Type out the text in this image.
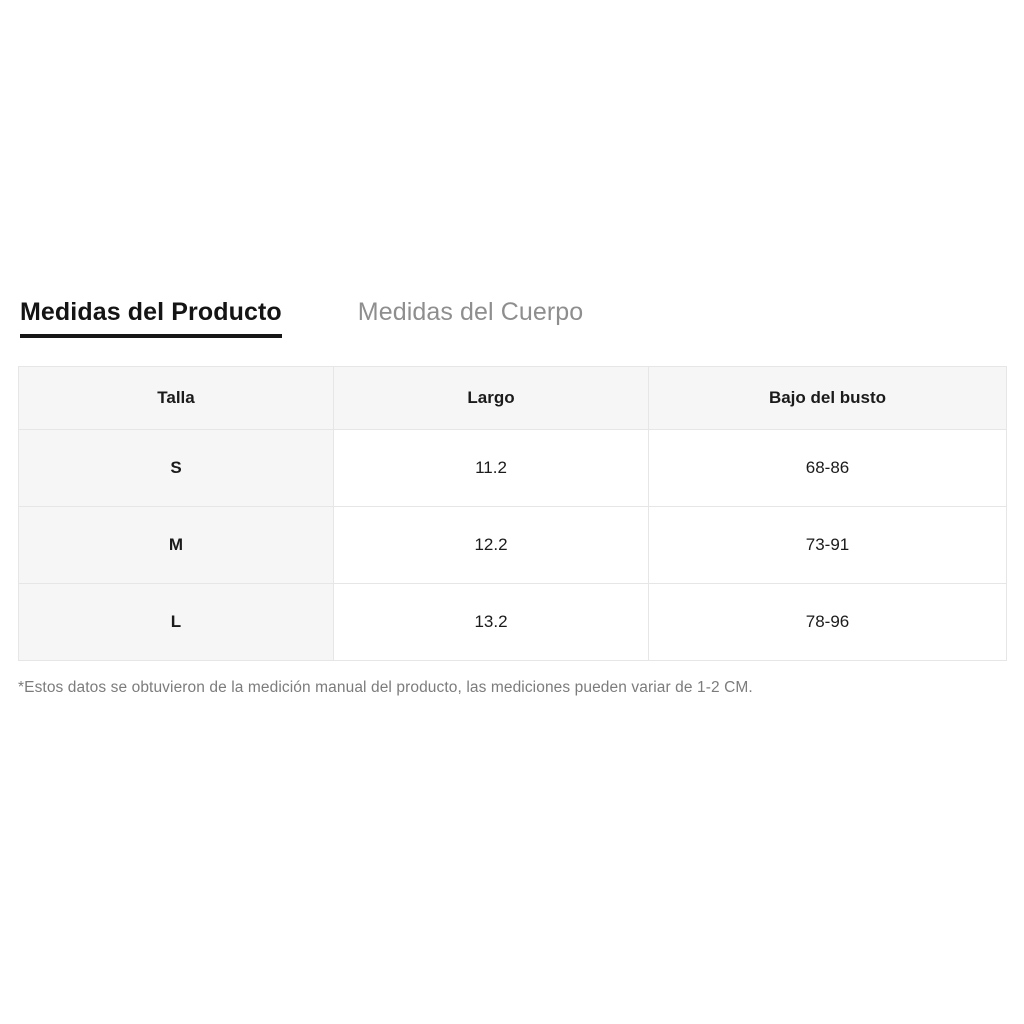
Medidas del Producto	Medidas del Cuerpo
Talla	Largo	Bajo del busto
S	11.2	68-86
M	12.2	73-91
L	13.2	78-96
*Estos datos se obtuvieron de la medición manual del producto, las mediciones pueden variar de 1-2 CM.
